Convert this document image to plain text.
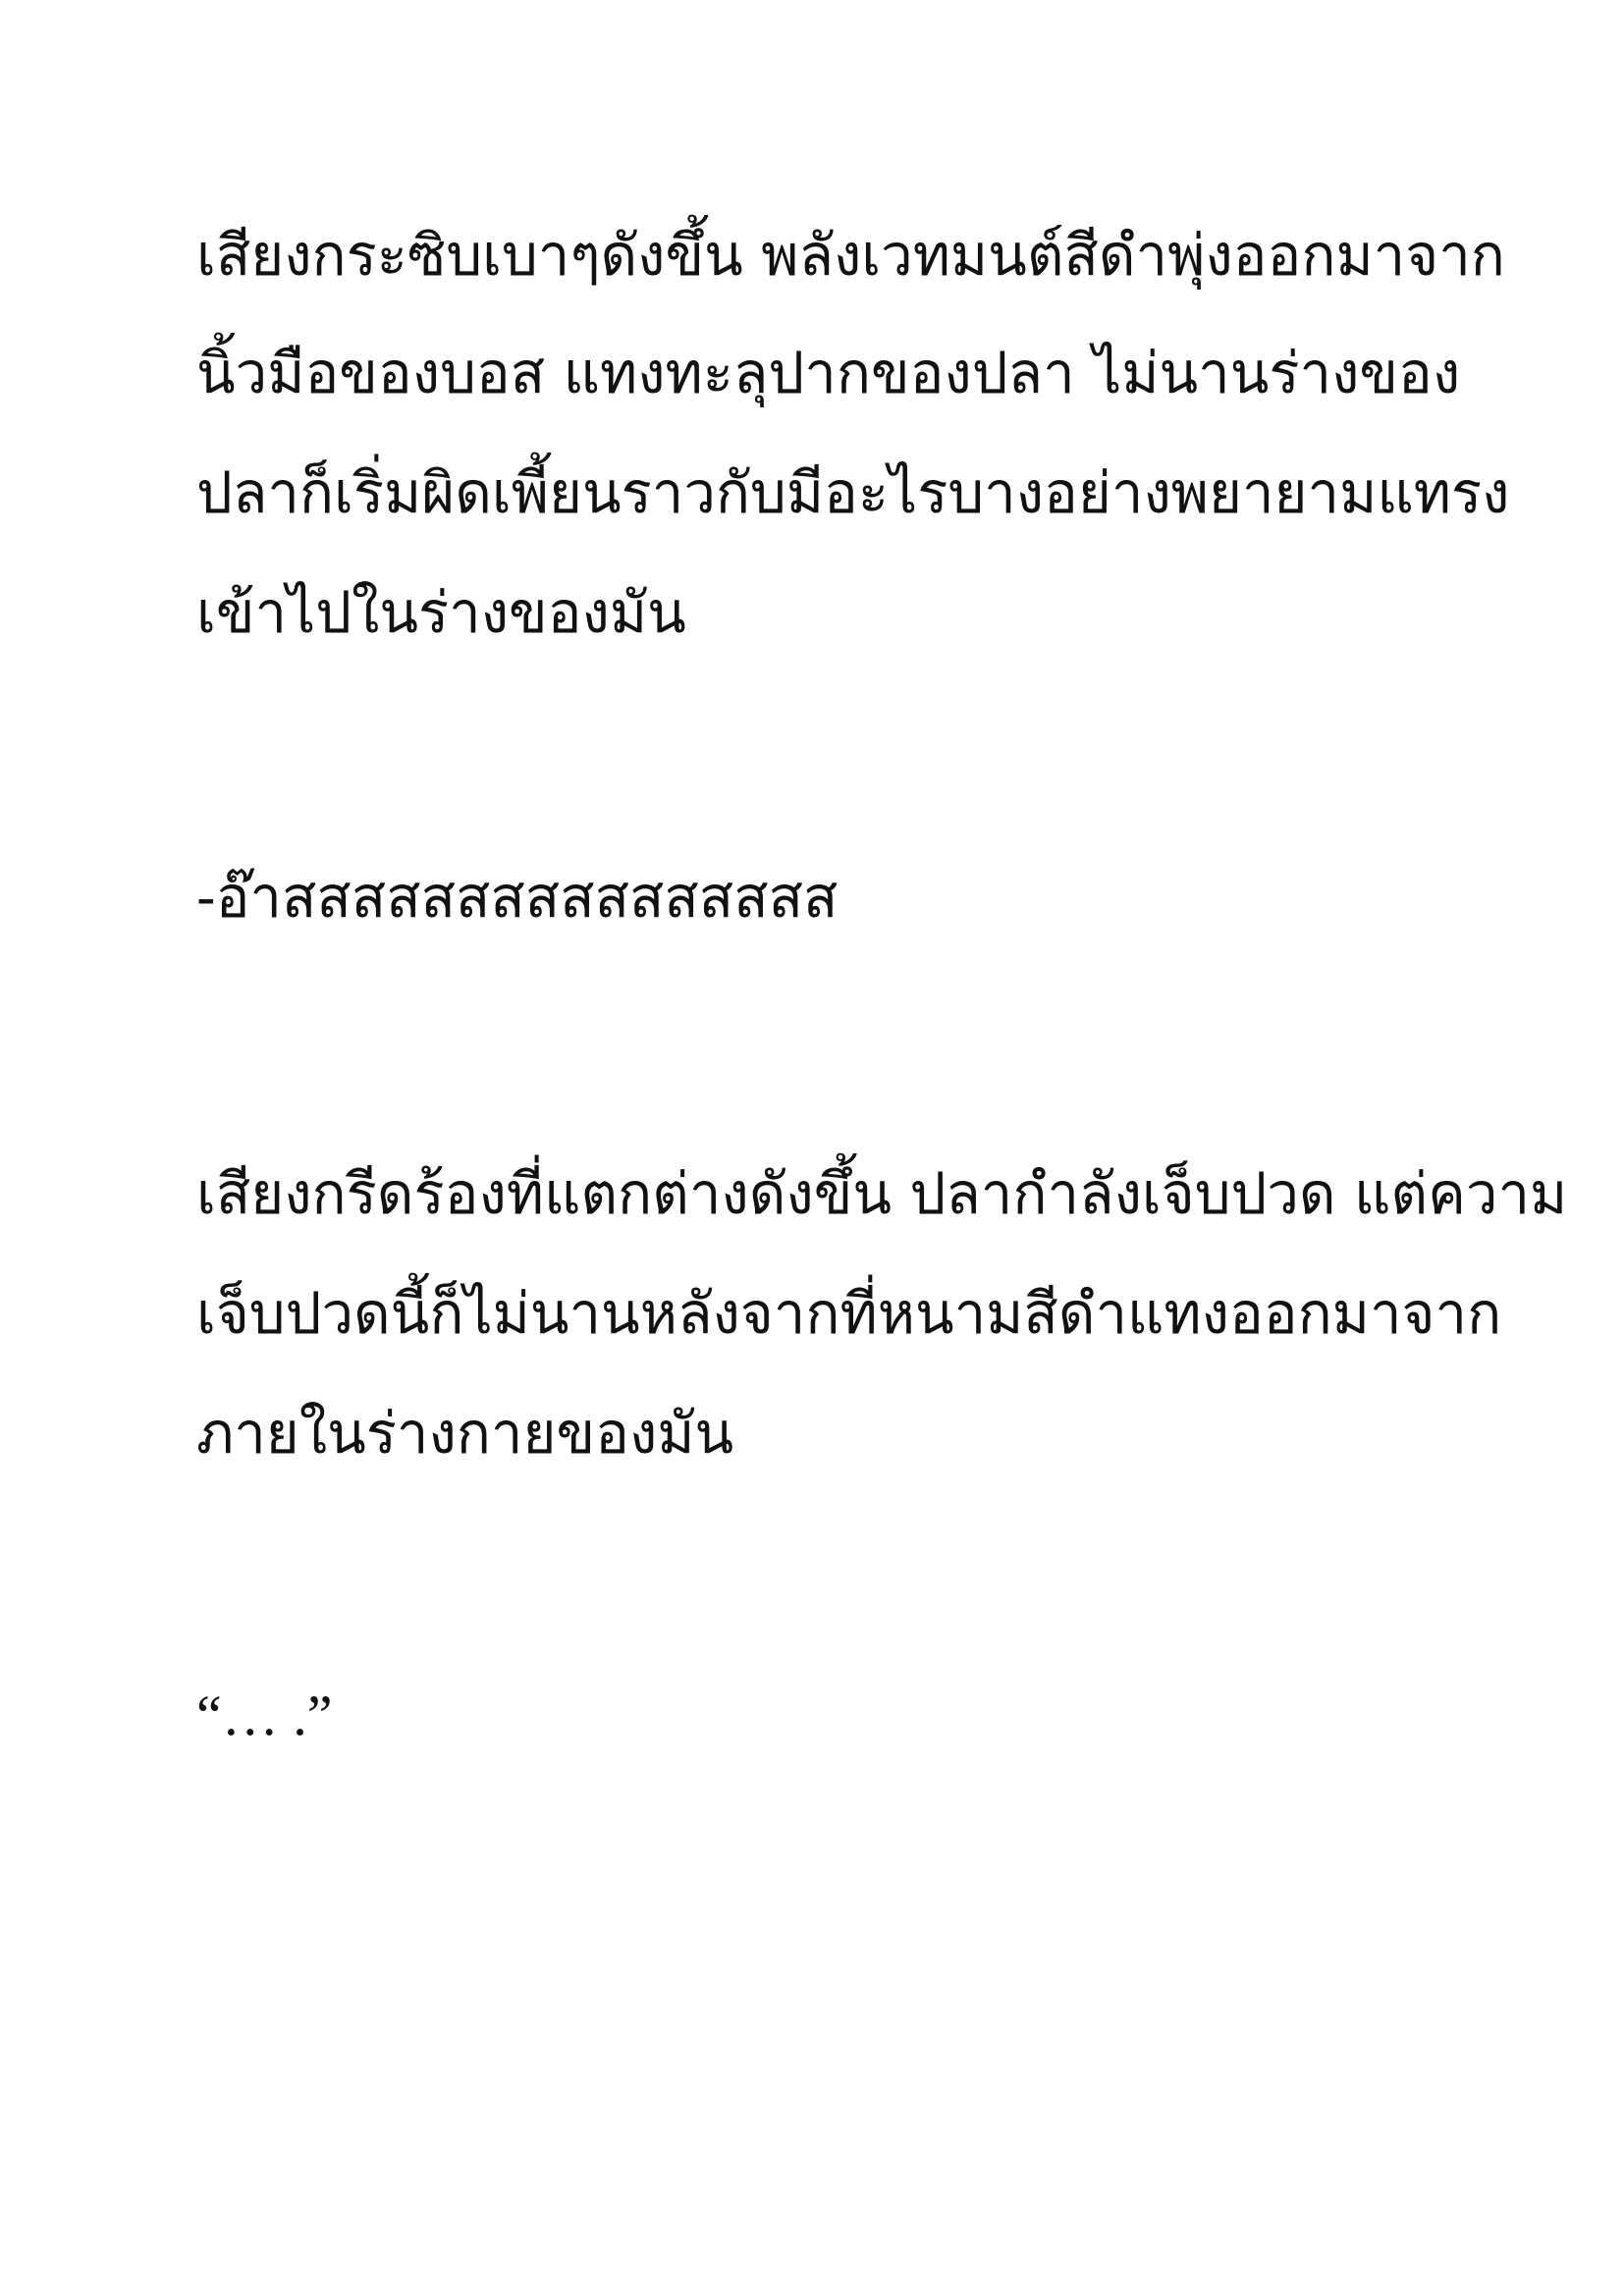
เสียงกระซิบเบาๆดังขึ้น พลังเวทมนต์สีดำพุ่งออกมาจาก

นิ้วมือของบอส แทงทะลุปากของปลา ไม่นานร่างของ

ปลาก็เริ่มผิดเพี้ยนราวกับมีอะไรบางอย่างพยายามแทรง

เข้าไปในร่างของมัน

-อ๊าสสสสสสสสสสสสสสสส

เสียงกรีดร้องที่แตกต่างดังขึ้น ปลากำลังเจ็บปวด แต่ความ

เจ็บปวดนี้ก็ไม่นานหลังจากที่หนามสีดำแทงออกมาจาก

ภายในร่างกายของมัน

“… .”
